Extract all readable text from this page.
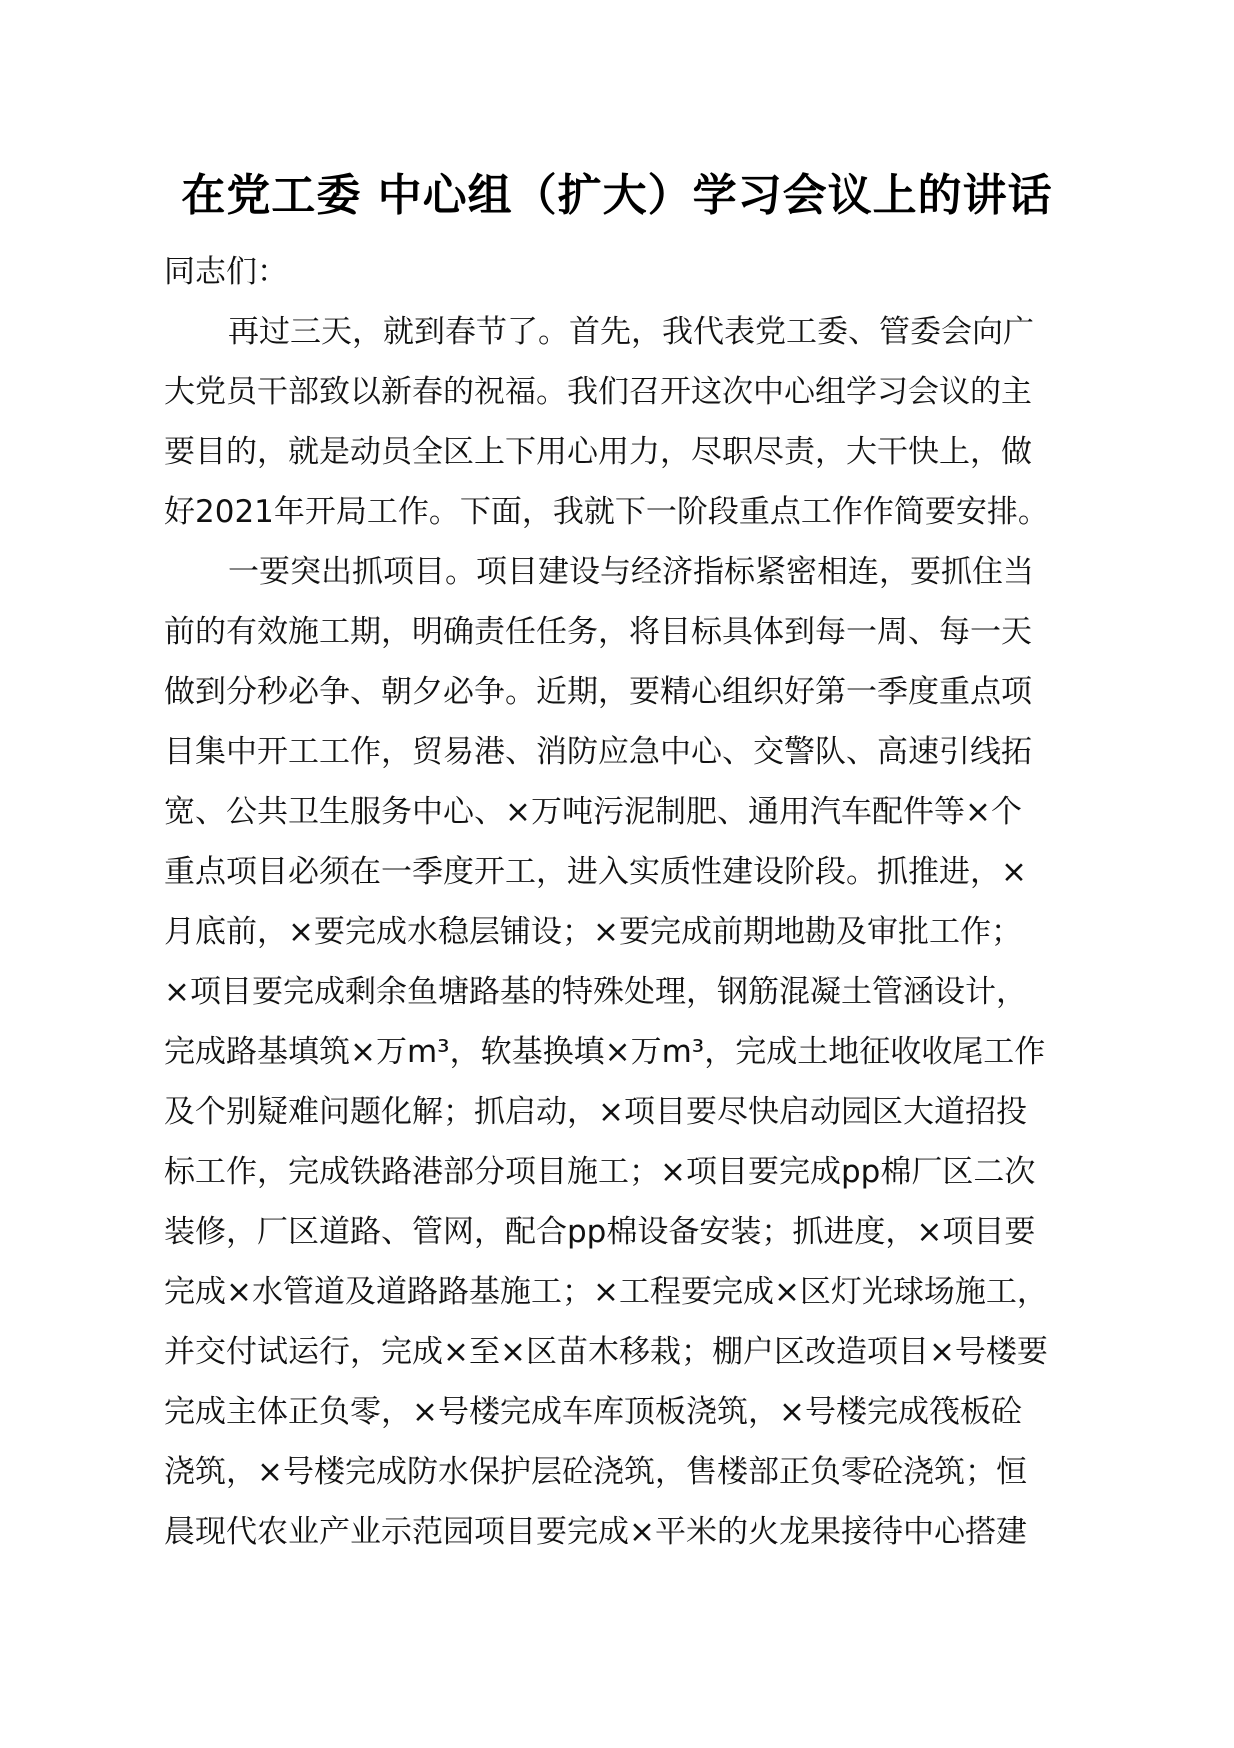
在党工委 中心组（扩大）学习会议上的讲话
同志们：
再过三天，就到春节了。首先，我代表党工委、管委会向广
大党员干部致以新春的祝福。我们召开这次中心组学习会议的主
要目的，就是动员全区上下用心用力，尽职尽责，大干快上，做
好2021年开局工作。下面，我就下一阶段重点工作作简要安排。
一要突出抓项目。项目建设与经济指标紧密相连，要抓住当
前的有效施工期，明确责任任务，将目标具体到每一周、每一天
做到分秒必争、朝夕必争。近期，要精心组织好第一季度重点项
目集中开工工作，贸易港、消防应急中心、交警队、高速引线拓
宽、公共卫生服务中心、×万吨污泥制肥、通用汽车配件等×个
重点项目必须在一季度开工，进入实质性建设阶段。抓推进，×
月底前，×要完成水稳层铺设；×要完成前期地勘及审批工作；
×项目要完成剩余鱼塘路基的特殊处理，钢筋混凝土管涵设计，
完成路基填筑×万m³，软基换填×万m³，完成土地征收收尾工作
及个别疑难问题化解；抓启动，×项目要尽快启动园区大道招投
标工作，完成铁路港部分项目施工；×项目要完成pp棉厂区二次
装修，厂区道路、管网，配合pp棉设备安装；抓进度，×项目要
完成×水管道及道路路基施工；×工程要完成×区灯光球场施工，
并交付试运行，完成×至×区苗木移栽；棚户区改造项目×号楼要
完成主体正负零，×号楼完成车库顶板浇筑，×号楼完成筏板砼
浇筑，×号楼完成防水保护层砼浇筑，售楼部正负零砼浇筑；恒
晨现代农业产业示范园项目要完成×平米的火龙果接待中心搭建
